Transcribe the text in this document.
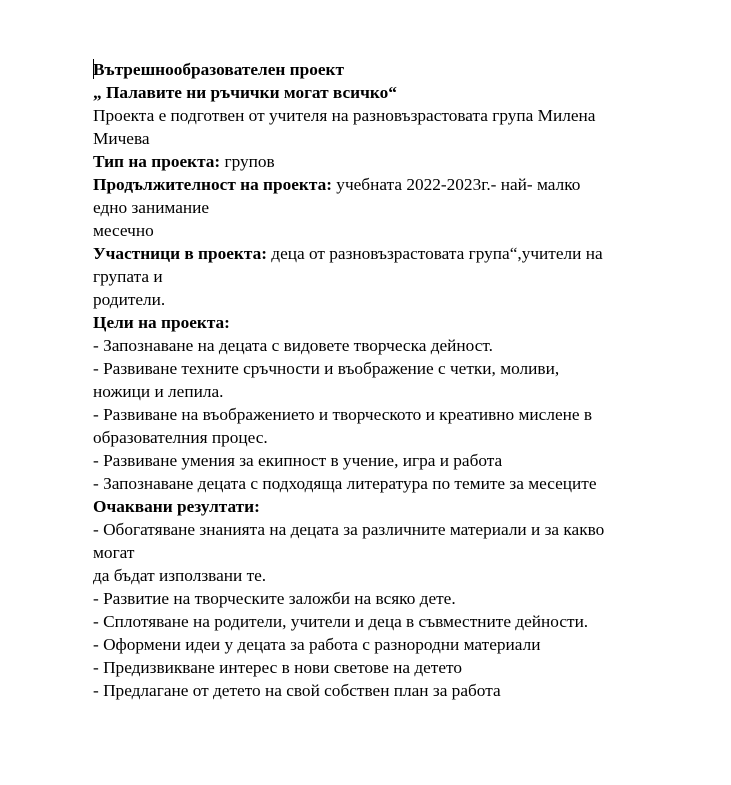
Вътрешнообразователен проект
„ Палавите ни ръчички могат всичко“
Проекта е подготвен от учителя на разновъзрастовата група Милена
Мичева
Тип на проекта: групов
Продължителност на проекта: учебната 2022-2023г.- най- малко
едно занимание
месечно
Участници в проекта: деца от разновъзрастовата група“,учители на
групата и
родители.
Цели на проекта:
- Запознаване на децата с видовете творческа дейност.
- Развиване техните сръчности и въображение с четки, моливи,
ножици и лепила.
- Развиване на въображението и творческото и креативно мислене в
образователния процес.
- Развиване умения за екипност в учение, игра и работа
- Запознаване децата с подходяща литература по темите за месеците
Очаквани резултати:
- Обогатяване знанията на децата за различните материали и за какво
могат
да бъдат използвани те.
- Развитие на творческите заложби на всяко дете.
- Сплотяване на родители, учители и деца в съвместните дейности.
- Оформени идеи у децата за работа с разнородни материали
- Предизвикване интерес в нови светове на детето
- Предлагане от детето на свой собствен план за работа
